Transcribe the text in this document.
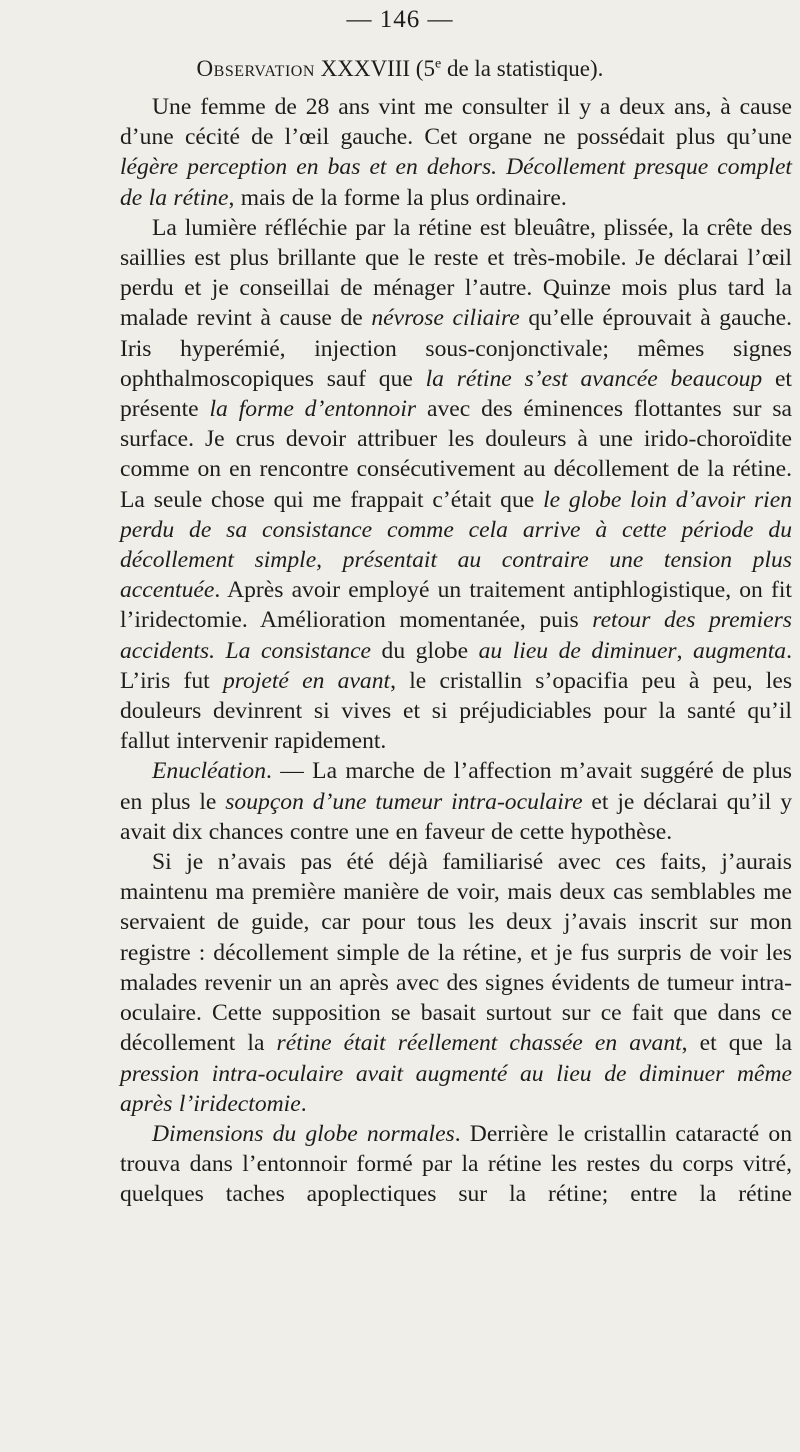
— 146 —
Observation XXXVIII (5e de la statistique).

Une femme de 28 ans vint me consulter il y a deux ans, à cause d’une cécité de l’œil gauche. Cet organe ne possédait plus qu’une légère perception en bas et en dehors. Décollement presque complet de la rétine, mais de la forme la plus ordinaire.

La lumière réfléchie par la rétine est bleuâtre, plissée, la crête des saillies est plus brillante que le reste et très-mobile. Je déclarai l’œil perdu et je conseillai de ménager l’autre. Quinze mois plus tard la malade revint à cause de névrose ciliaire qu’elle éprouvait à gauche. Iris hyperémié, injection sous-conjonctivale; mêmes signes ophthalmoscopiques sauf que la rétine s’est avancée beaucoup et présente la forme d’entonnoir avec des éminences flottantes sur sa surface. Je crus devoir attribuer les douleurs à une irido-choroïdite comme on en rencontre consécutivement au décollement de la rétine. La seule chose qui me frappait c’était que le globe loin d’avoir rien perdu de sa consistance comme cela arrive à cette période du décollement simple, présentait au contraire une tension plus accentuée. Après avoir employé un traitement antiphlogistique, on fit l’iridectomie. Amélioration momentanée, puis retour des premiers accidents. La consistance du globe au lieu de diminuer, augmenta. L’iris fut projeté en avant, le cristallin s’opacifia peu à peu, les douleurs devinrent si vives et si préjudiciables pour la santé qu’il fallut intervenir rapidement.

Enucléation. — La marche de l’affection m’avait suggéré de plus en plus le soupçon d’une tumeur intra-oculaire et je déclarai qu’il y avait dix chances contre une en faveur de cette hypothèse.

Si je n’avais pas été déjà familiarisé avec ces faits, j’aurais maintenu ma première manière de voir, mais deux cas semblables me servaient de guide, car pour tous les deux j’avais inscrit sur mon registre : décollement simple de la rétine, et je fus surpris de voir les malades revenir un an après avec des signes évidents de tumeur intra-oculaire. Cette supposition se basait surtout sur ce fait que dans ce décollement la rétine était réellement chassée en avant, et que la pression intra-oculaire avait augmenté au lieu de diminuer même après l’iridectomie.

Dimensions du globe normales. Derrière le cristallin cataracté on trouva dans l’entonnoir formé par la rétine les restes du corps vitré, quelques taches apoplectiques sur la rétine; entre la rétine
